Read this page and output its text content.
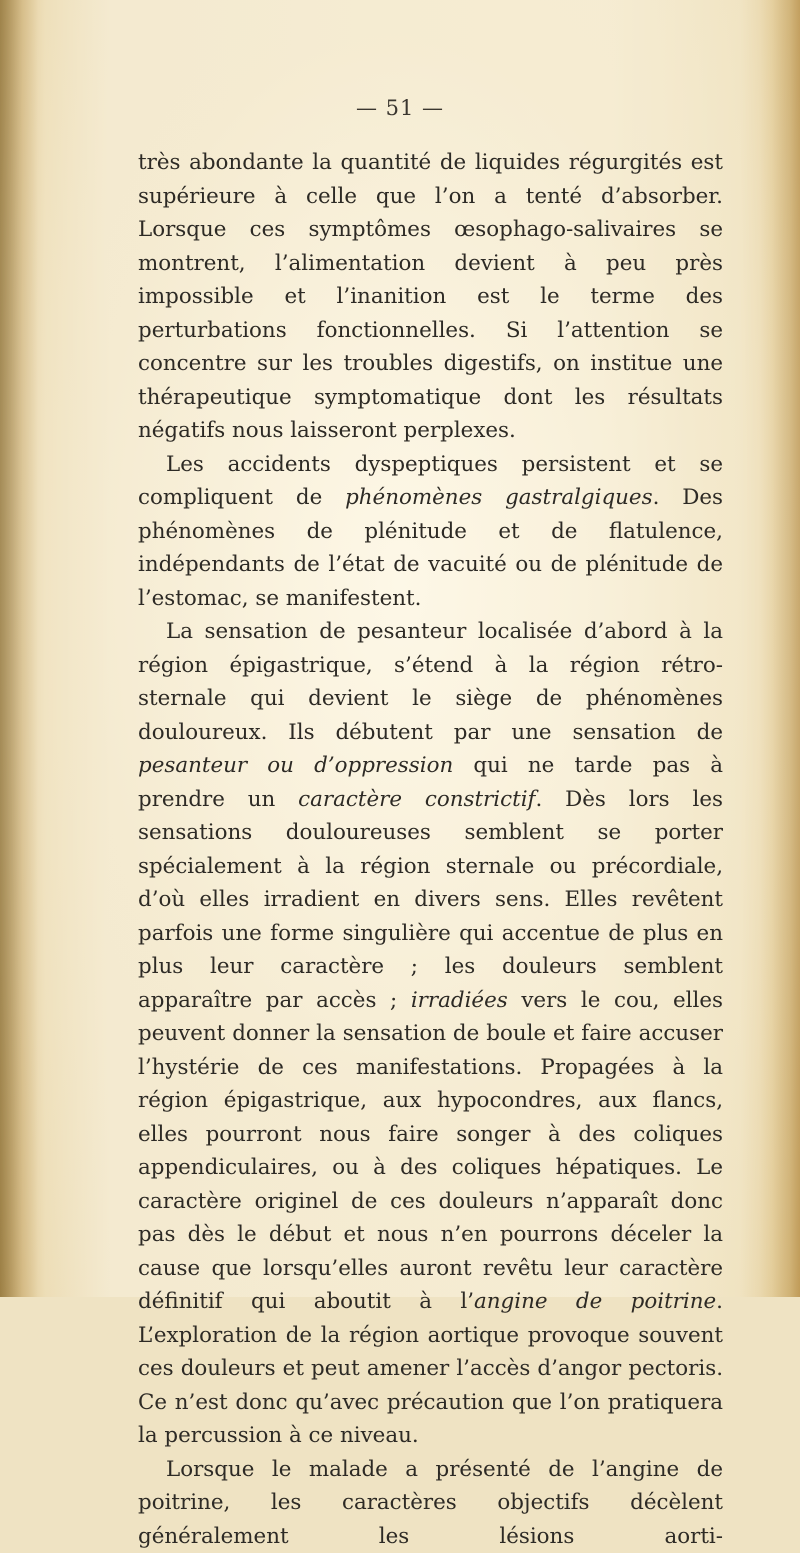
— 51 —

très abondante la quantité de liquides régurgités est supérieure à celle que l’on a tenté d’absorber. Lorsque ces symptômes œsophago-salivaires se montrent, l’alimentation devient à peu près impossible et l’inanition est le terme des perturbations fonctionnelles. Si l’attention se concentre sur les troubles digestifs, on institue une thérapeutique symptomatique dont les résultats négatifs nous laisseront perplexes.

Les accidents dyspeptiques persistent et se compliquent de phénomènes gastralgiques. Des phénomènes de plénitude et de flatulence, indépendants de l’état de vacuité ou de plénitude de l’estomac, se manifestent.

La sensation de pesanteur localisée d’abord à la région épigastrique, s’étend à la région rétro-sternale qui devient le siège de phénomènes douloureux. Ils débutent par une sensation de pesanteur ou d’oppression qui ne tarde pas à prendre un caractère constrictif. Dès lors les sensations douloureuses semblent se porter spécialement à la région sternale ou précordiale, d’où elles irradient en divers sens. Elles revêtent parfois une forme singulière qui accentue de plus en plus leur caractère ; les douleurs semblent apparaître par accès ; irradiées vers le cou, elles peuvent donner la sensation de boule et faire accuser l’hystérie de ces manifestations. Propagées à la région épigastrique, aux hypocondres, aux flancs, elles pourront nous faire songer à des coliques appendiculaires, ou à des coliques hépatiques. Le caractère originel de ces douleurs n’apparaît donc pas dès le début et nous n’en pourrons déceler la cause que lorsqu’elles auront revêtu leur caractère définitif qui aboutit à l’angine de poitrine. L’exploration de la région aortique provoque souvent ces douleurs et peut amener l’accès d’angor pectoris. Ce n’est donc qu’avec précaution que l’on pratiquera la percussion à ce niveau.

Lorsque le malade a présenté de l’angine de poitrine, les caractères objectifs décèlent généralement les lésions aorti-
